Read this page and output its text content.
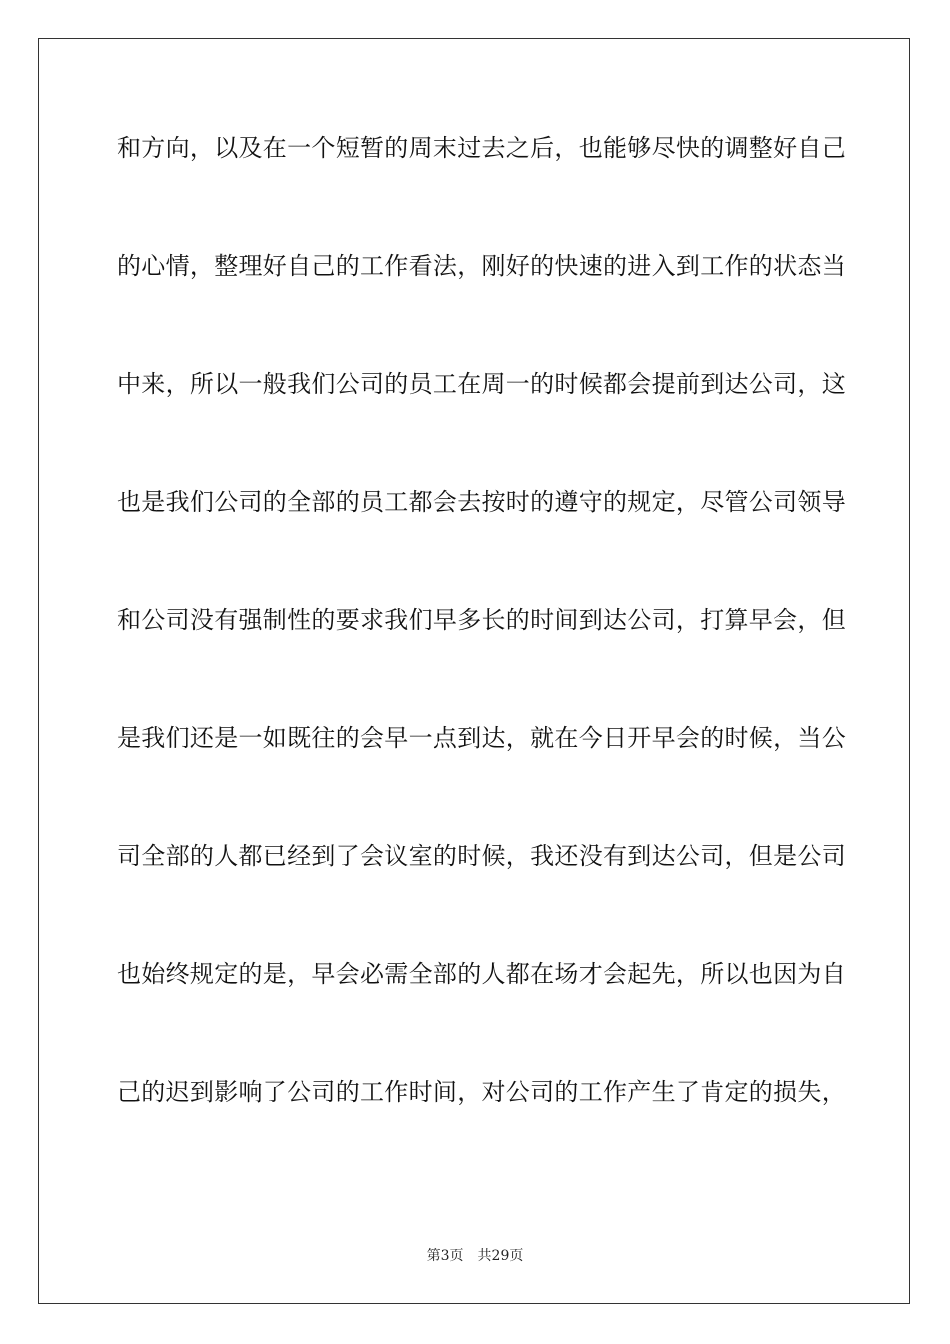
和方向，以及在一个短暂的周末过去之后，也能够尽快的调整好自己
的心情，整理好自己的工作看法，刚好的快速的进入到工作的状态当
中来，所以一般我们公司的员工在周一的时候都会提前到达公司，这
也是我们公司的全部的员工都会去按时的遵守的规定，尽管公司领导
和公司没有强制性的要求我们早多长的时间到达公司，打算早会，但
是我们还是一如既往的会早一点到达，就在今日开早会的时候，当公
司全部的人都已经到了会议室的时候，我还没有到达公司，但是公司
也始终规定的是，早会必需全部的人都在场才会起先，所以也因为自
己的迟到影响了公司的工作时间，对公司的工作产生了肯定的损失，
第3页 共29页
